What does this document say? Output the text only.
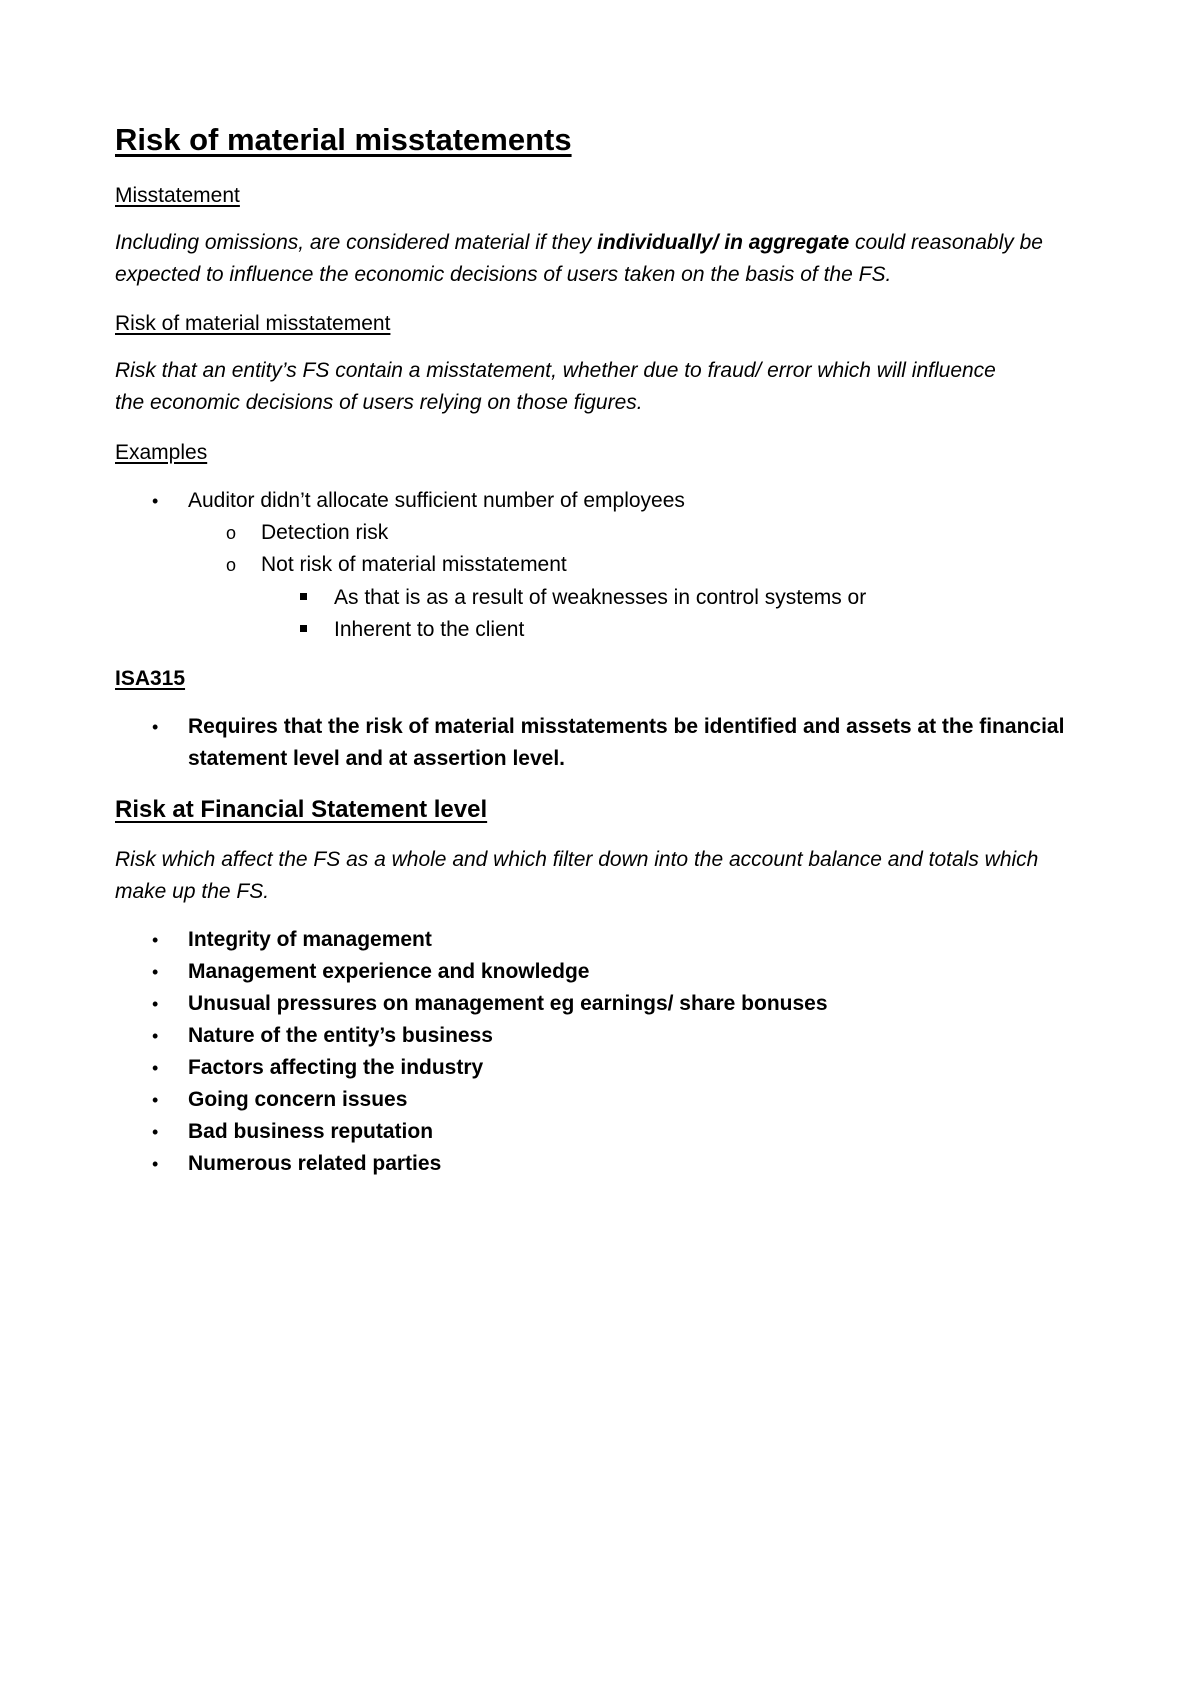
Risk of material misstatements
Misstatement
Including omissions, are considered material if they individually/ in aggregate could reasonably be
expected to influence the economic decisions of users taken on the basis of the FS.
Risk of material misstatement
Risk that an entity’s FS contain a misstatement, whether due to fraud/ error which will influence
the economic decisions of users relying on those figures.
Examples
•
Auditor didn’t allocate sufficient number of employees
o
Detection risk
o
Not risk of material misstatement
As that is as a result of weaknesses in control systems or
Inherent to the client
ISA315
•
Requires that the risk of material misstatements be identified and assets at the financial
statement level and at assertion level.
Risk at Financial Statement level
Risk which affect the FS as a whole and which filter down into the account balance and totals which
make up the FS.
•
Integrity of management
•
Management experience and knowledge
•
Unusual pressures on management eg earnings/ share bonuses
•
Nature of the entity’s business
•
Factors affecting the industry
•
Going concern issues
•
Bad business reputation
•
Numerous related parties
